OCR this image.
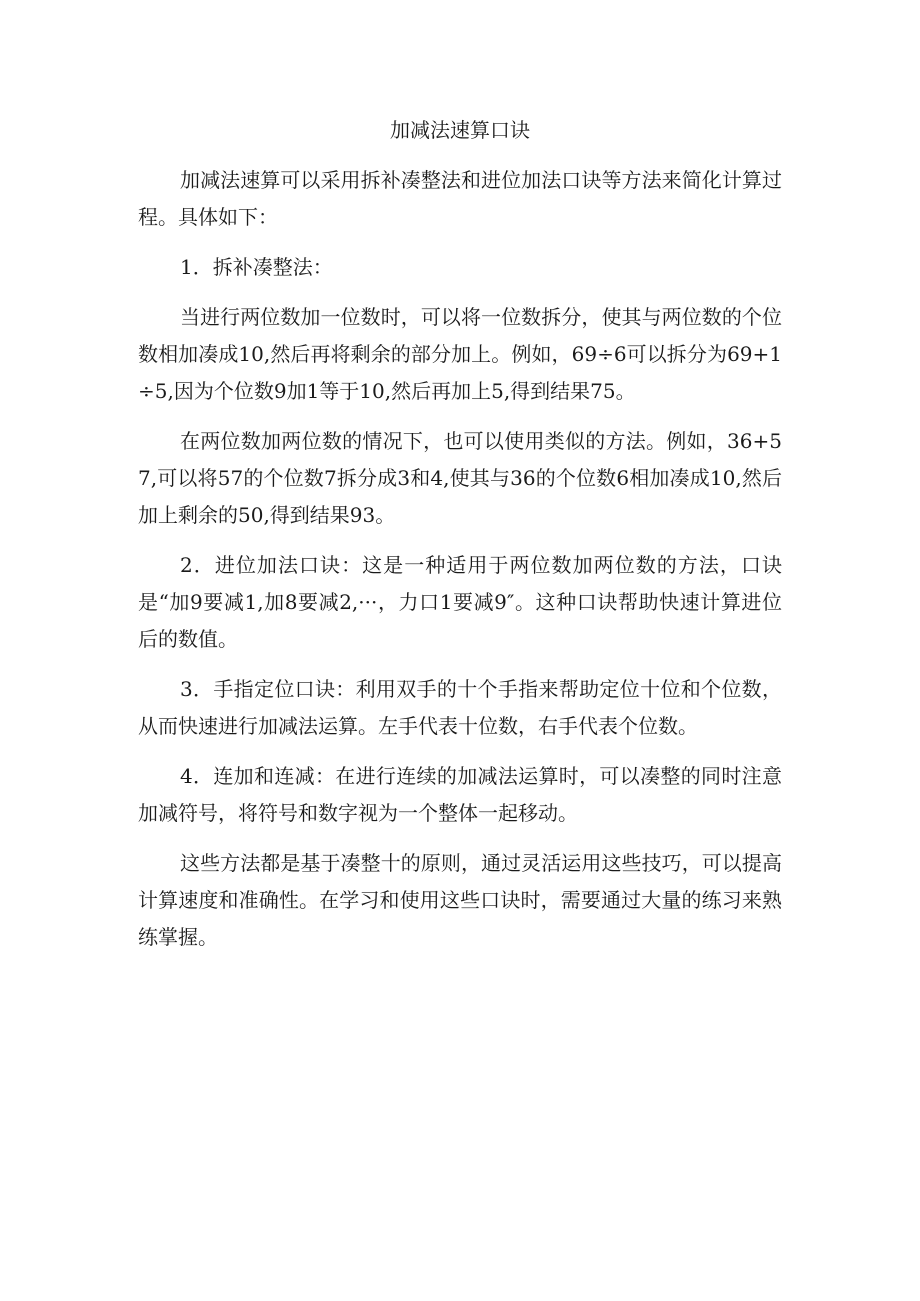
加减法速算口诀

加减法速算可以采用拆补凑整法和进位加法口诀等方法来简化计算过程。具体如下：

1．拆补凑整法：

当进行两位数加一位数时，可以将一位数拆分，使其与两位数的个位数相加凑成10,然后再将剩余的部分加上。例如，69÷6可以拆分为69+1÷5,因为个位数9加1等于10,然后再加上5,得到结果75。

在两位数加两位数的情况下，也可以使用类似的方法。例如，36+57,可以将57的个位数7拆分成3和4,使其与36的个位数6相加凑成10,然后加上剩余的50,得到结果93。

2．进位加法口诀：这是一种适用于两位数加两位数的方法，口诀是“加9要减1,加8要减2,···，力口1要减9″。这种口诀帮助快速计算进位后的数值。

3．手指定位口诀：利用双手的十个手指来帮助定位十位和个位数，从而快速进行加减法运算。左手代表十位数，右手代表个位数。

4．连加和连减：在进行连续的加减法运算时，可以凑整的同时注意加减符号，将符号和数字视为一个整体一起移动。

这些方法都是基于凑整十的原则，通过灵活运用这些技巧，可以提高计算速度和准确性。在学习和使用这些口诀时，需要通过大量的练习来熟练掌握。
